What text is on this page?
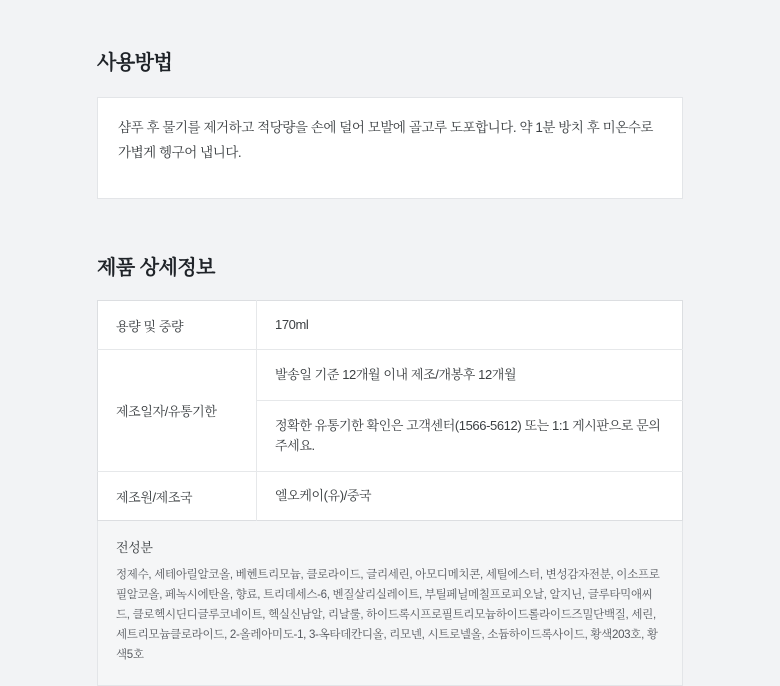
사용방법

샴푸 후 물기를 제거하고 적당량을 손에 덜어 모발에 골고루 도포합니다. 약 1분 방치 후 미온수로 가볍게 헹구어 냅니다.

제품 상세정보
용량 및 중량	170ml
제조일자/유통기한	발송일 기준 12개월 이내 제조/개봉후 12개월
	정확한 유통기한 확인은 고객센터(1566-5612) 또는 1:1 게시판으로 문의주세요.
제조원/제조국	엘오케이(유)/중국

전성분

정제수, 세테아릴알코올, 베헨트리모늄, 클로라이드, 글리세린, 아모디메치콘, 세틸에스터, 변성감자전분, 이소프로필알코올, 페녹시에탄올, 향료, 트리데세스-6, 벤질살리실레이트, 부틸페닐메칠프로피오날, 알지닌, 글루타믹애씨드, 클로헥시딘디글루코네이트, 헥실신남알, 리날룰, 하이드록시프로필트리모늄하이드롤라이드즈밀단백질, 세린, 세트리모늄클로라이드, 2-올레아미도-1, 3-옥타데칸디올, 리모넨, 시트로넬올, 소듐하이드록사이드, 황색203호, 황색5호
